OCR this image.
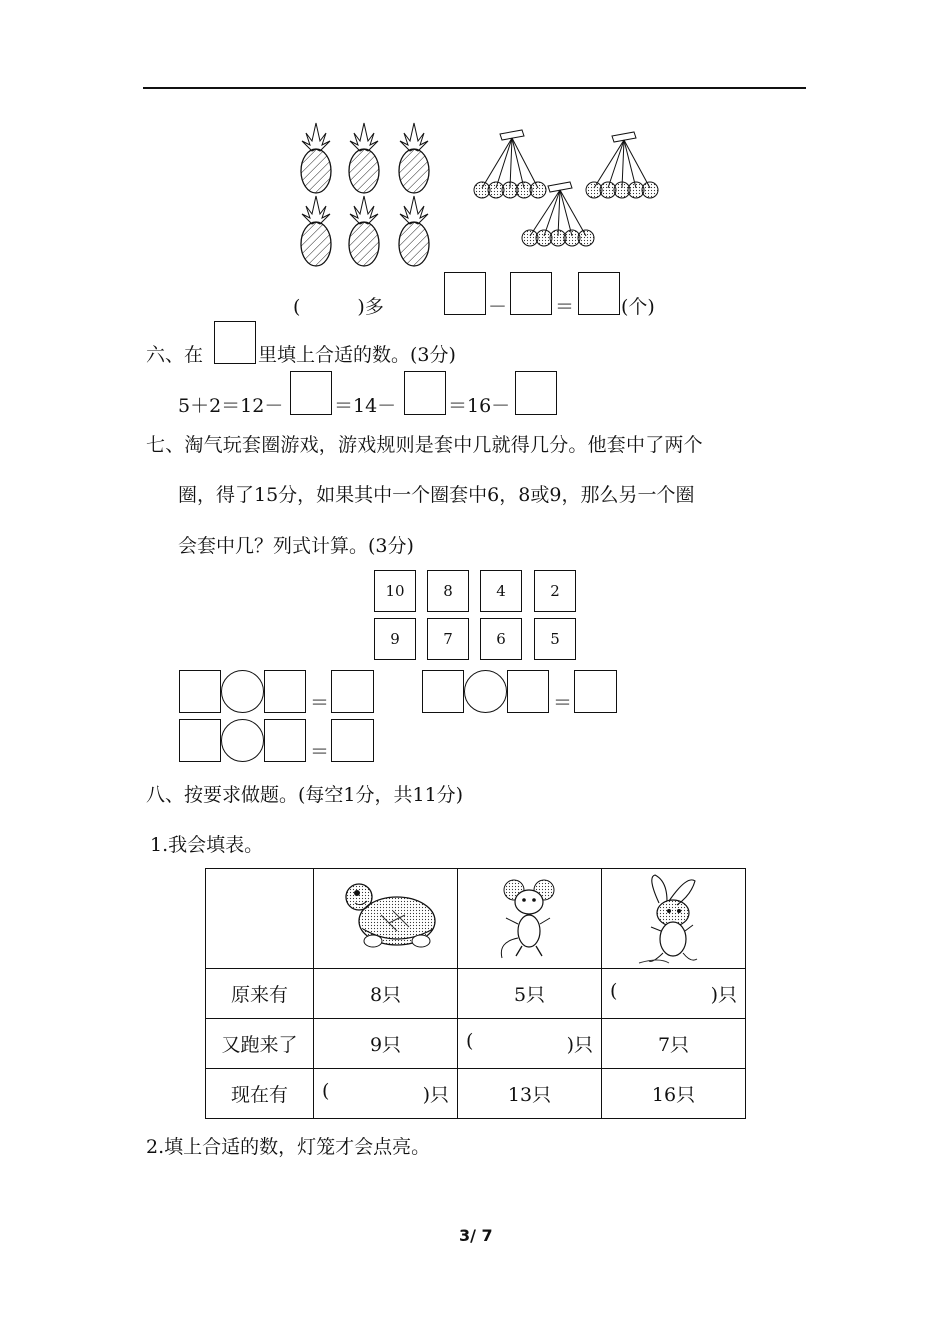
(　　　)多	－	＝ (个)
六、在	里填上合适的数。(3分)
5＋2＝12－	＝14－	＝16－
七、淘气玩套圈游戏，游戏规则是套中几就得几分。他套中了两个
圈，得了15分，如果其中一个圈套中6，8或9，那么另一个圈
会套中几？列式计算。(3分)
10	8	4	2
9	7	6	5
＝	＝
＝
八、按要求做题。(每空1分，共11分)
1.我会填表。

原来有	8只	5只	( )只

又跑来了	9只	( )只	7只
现在有	( )只	13只	16只
2.填上合适的数，灯笼才会点亮。
3/ 7
